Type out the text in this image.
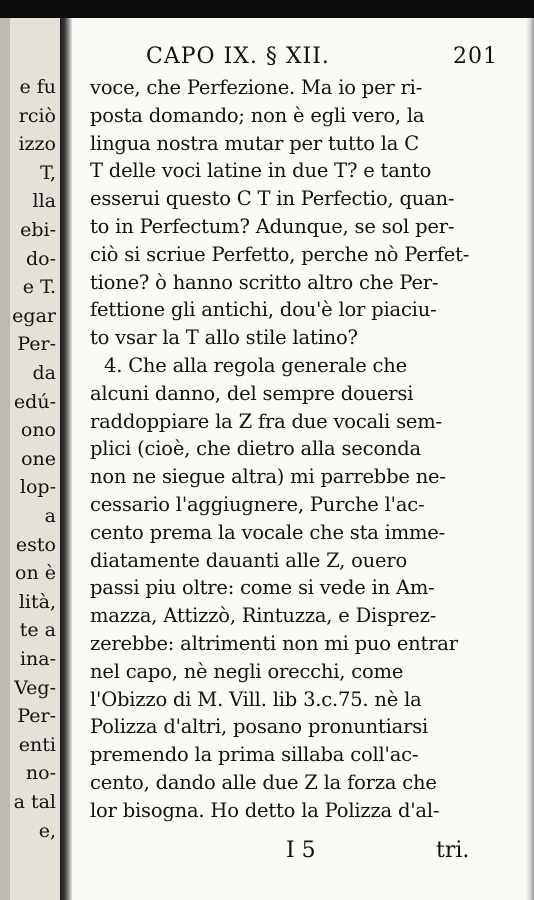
e fu
rciò
izzo
T,
lla
ebi-
do-
e T.
egar
Per-
da
edú-
ono
one
lop-
a
esto
on è
lità,
te a
ina-
Veg-
Per-
enti
no-
a tal
e,
CAPO IX. § XII.	201
voce, che Perfezione. Ma io per ri-
posta domando; non è egli vero, la
lingua nostra mutar per tutto la C
T delle voci latine in due T? e tanto
esserui questo C T in Perfectio, quan-
to in Perfectum? Adunque, se sol per-
ciò si scriue Perfetto, perche nò Perfet-
tione? ò hanno scritto altro che Per-
fettione gli antichi, dou'è lor piaciu-
to vsar la T allo stile latino?
4. Che alla regola generale che
alcuni danno, del sempre douersi
raddoppiare la Z fra due vocali sem-
plici (cioè, che dietro alla seconda
non ne siegue altra) mi parrebbe ne-
cessario l'aggiugnere, Purche l'ac-
cento prema la vocale che sta imme-
diatamente dauanti alle Z, ouero
passi piu oltre: come si vede in Am-
mazza, Attizzò, Rintuzza, e Disprez-
zerebbe: altrimenti non mi puo entrar
nel capo, nè negli orecchi, come
l'Obizzo di M. Vill. lib 3.c.75. nè la
Polizza d'altri, posano pronuntiarsi
premendo la prima sillaba coll'ac-
cento, dando alle due Z la forza che
lor bisogna. Ho detto la Polizza d'al-
I 5	tri.
